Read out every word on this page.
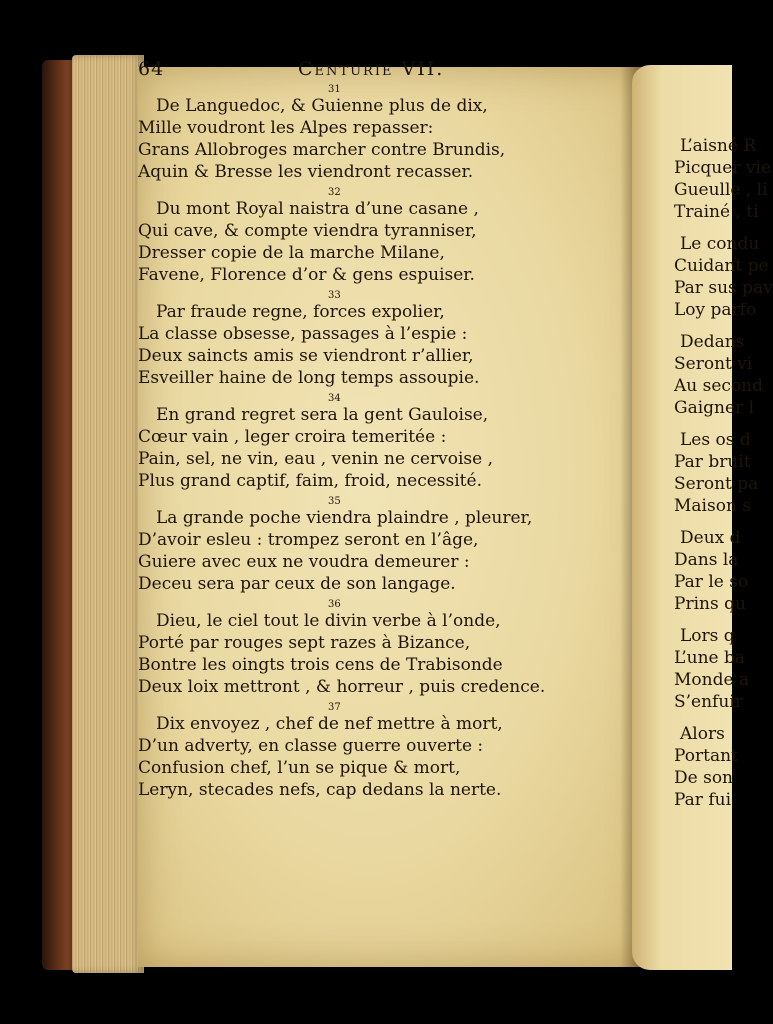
L’aisné R
Picquer vie
Gueulle , li
Trainé , ti
Le condu
Cuidant pe
Par sus pav
Loy parfo
Dedans
Seront vi
Au second
Gaigner l
Les os d
Par bruit
Seront pa
Maison s
Deux d
Dans la
Par le so
Prins qu
Lors q
L’une ba
Monde a
S’enfuir
Alors
Portant
De son
Par fui
64	Centurie VII.
31
De Languedoc, & Guienne plus de dix,
Mille voudront les Alpes repasser:
Grans Allobroges marcher contre Brundis,
Aquin & Bresse les viendront recasser.
32
Du mont Royal naistra d’une casane ,
Qui cave, & compte viendra tyranniser,
Dresser copie de la marche Milane,
Favene, Florence d’or & gens espuiser.
33
Par fraude regne, forces expolier,
La classe obsesse, passages à l’espie :
Deux saincts amis se viendront r’allier,
Esveiller haine de long temps assoupie.
34
En grand regret sera la gent Gauloise,
Cœur vain , leger croira temeritée :
Pain, sel, ne vin, eau , venin ne cervoise ,
Plus grand captif, faim, froid, necessité.
35
La grande poche viendra plaindre , pleurer,
D’avoir esleu : trompez seront en l’âge,
Guiere avec eux ne voudra demeurer :
Deceu sera par ceux de son langage.
36
Dieu, le ciel tout le divin verbe à l’onde,
Porté par rouges sept razes à Bizance,
Bontre les oingts trois cens de Trabisonde
Deux loix mettront , & horreur , puis credence.
37
Dix envoyez , chef de nef mettre à mort,
D’un adverty, en classe guerre ouverte :
Confusion chef, l’un se pique & mort,
Leryn, stecades nefs, cap dedans la nerte.
